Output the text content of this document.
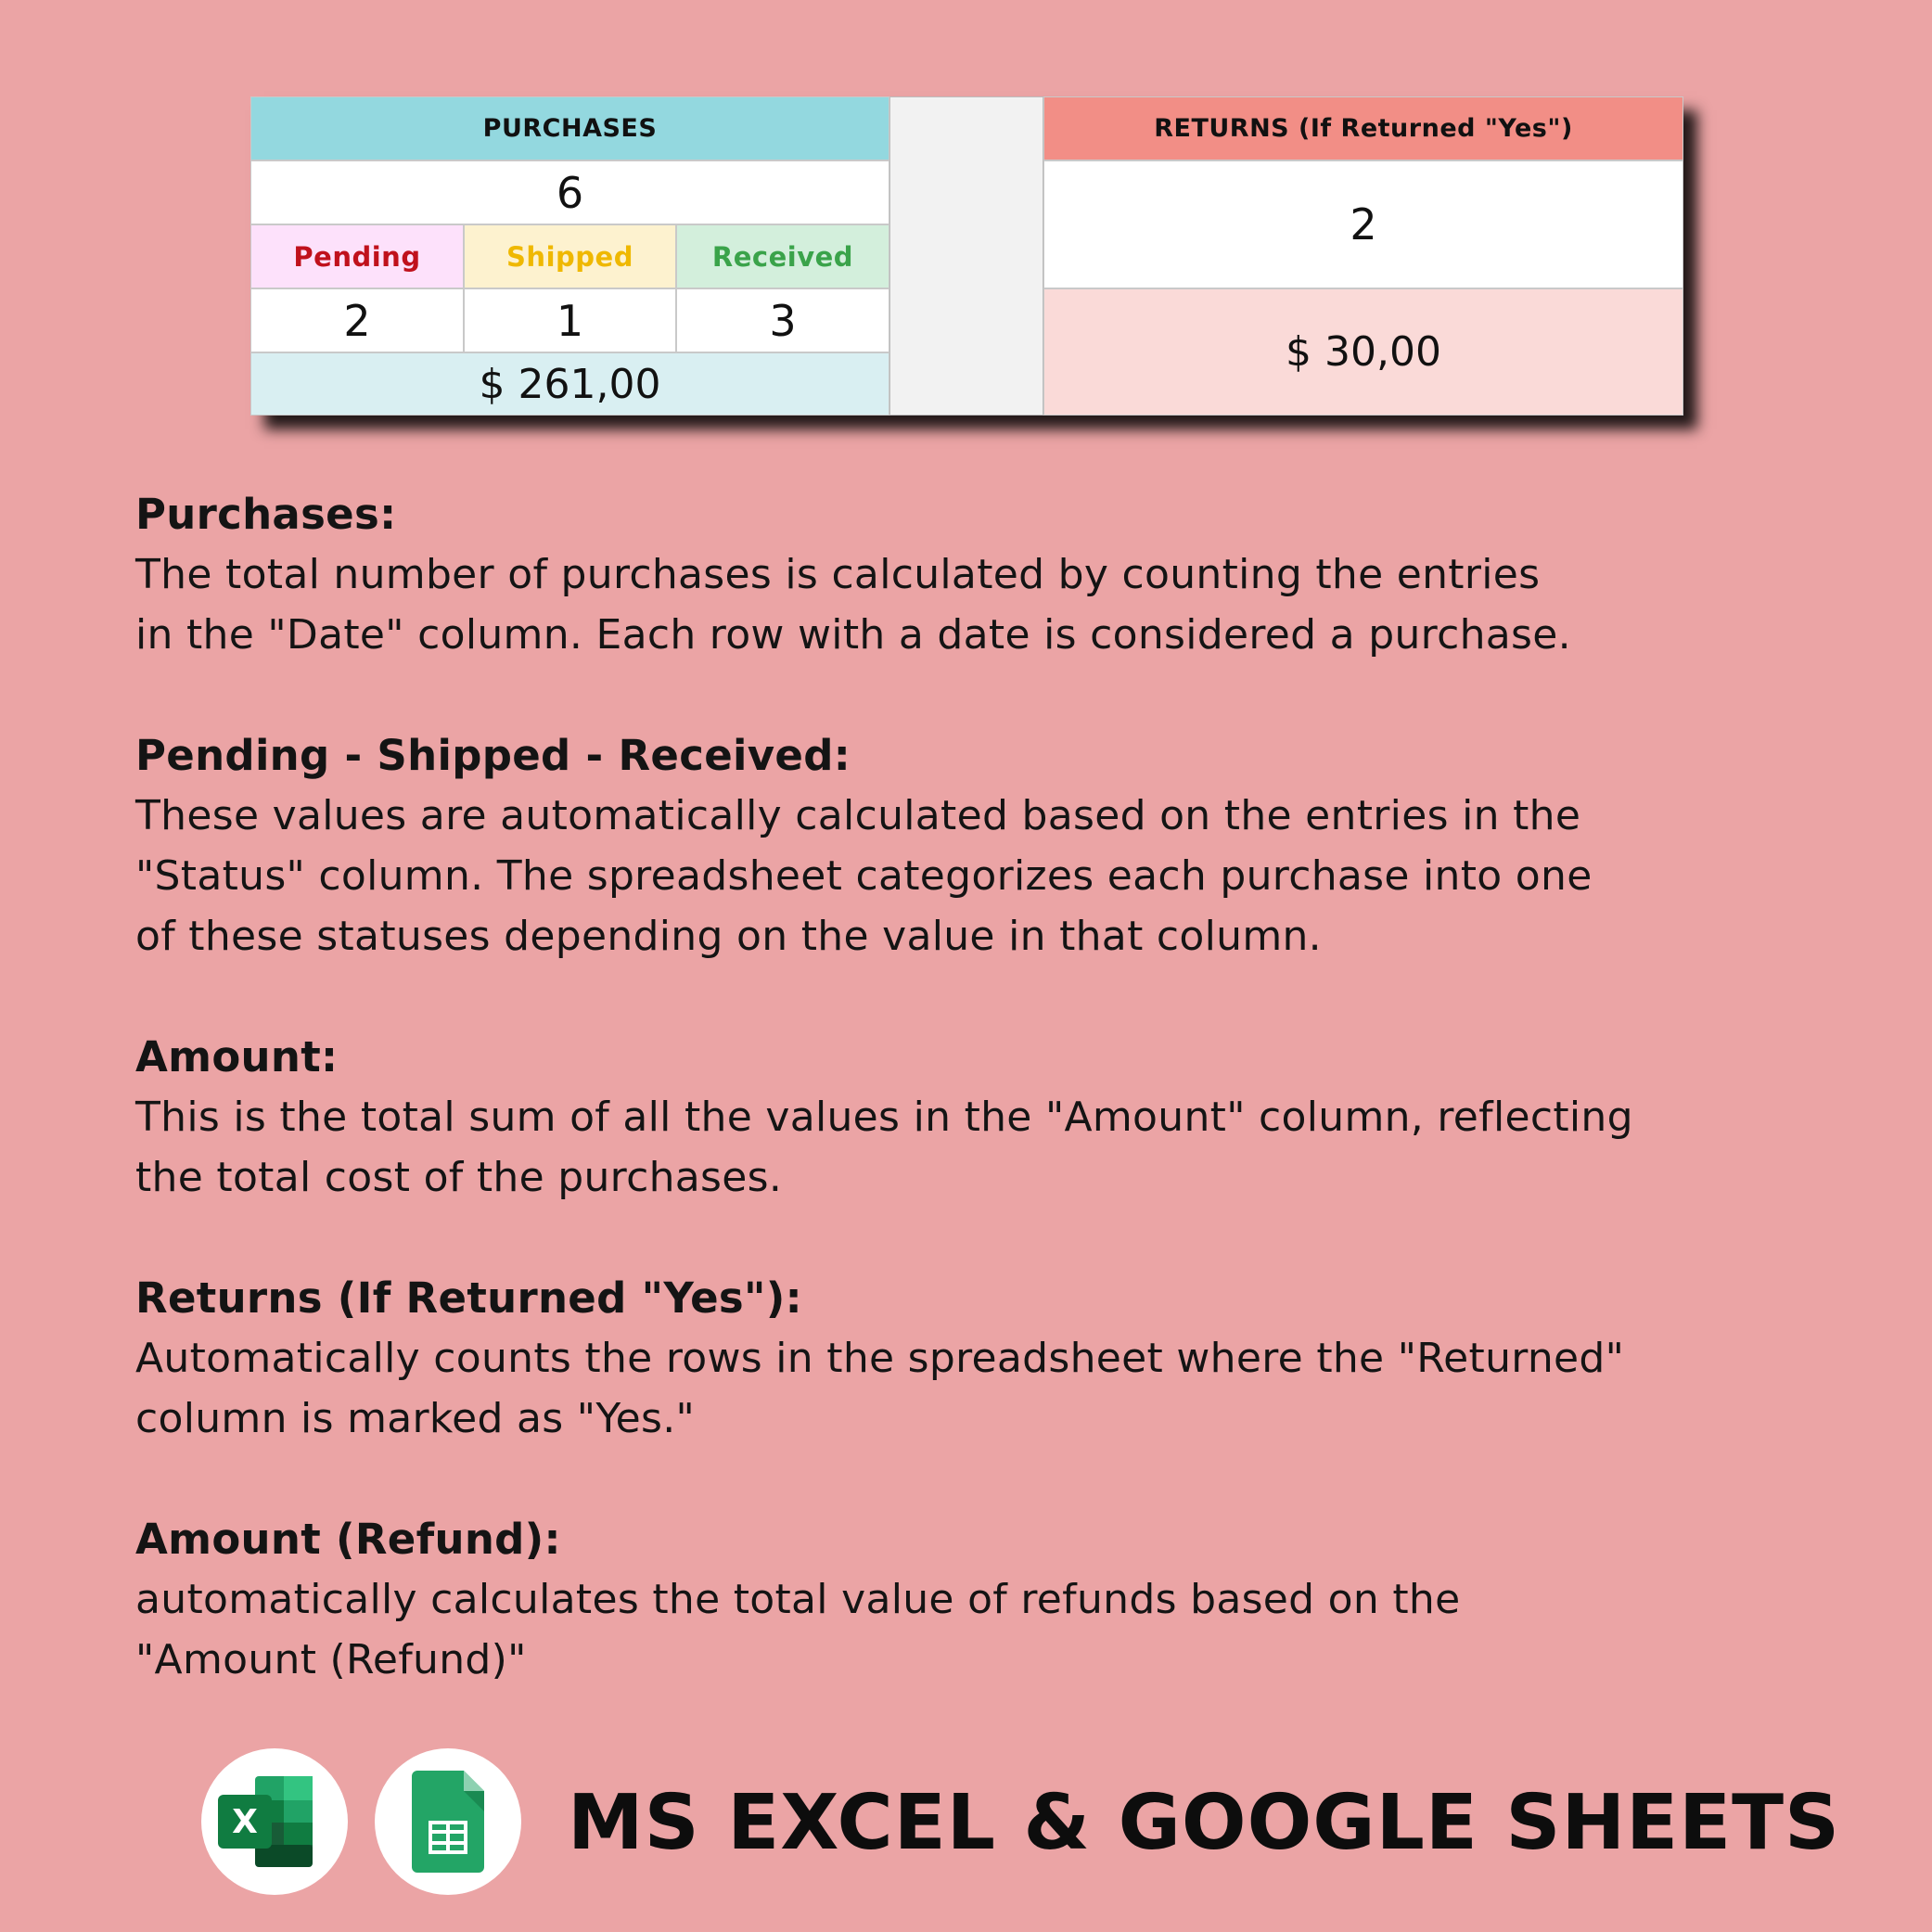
PURCHASES
6
Pending	Shipped	Received
2	1	3
$ 261,00
RETURNS (If Returned "Yes")
2
$ 30,00
Purchases:

The total number of purchases is calculated by counting the entries
in the "Date" column. Each row with a date is considered a purchase.

Pending - Shipped - Received:

These values are automatically calculated based on the entries in the
"Status" column. The spreadsheet categorizes each purchase into one
of these statuses depending on the value in that column.

Amount:

This is the total sum of all the values in the "Amount" column, reflecting
the total cost of the purchases.

Returns (If Returned "Yes"):

Automatically counts the rows in the spreadsheet where the "Returned"
column is marked as "Yes."

Amount (Refund):

automatically calculates the total value of refunds based on the
"Amount (Refund)"

X	MS EXCEL & GOOGLE SHEETS
